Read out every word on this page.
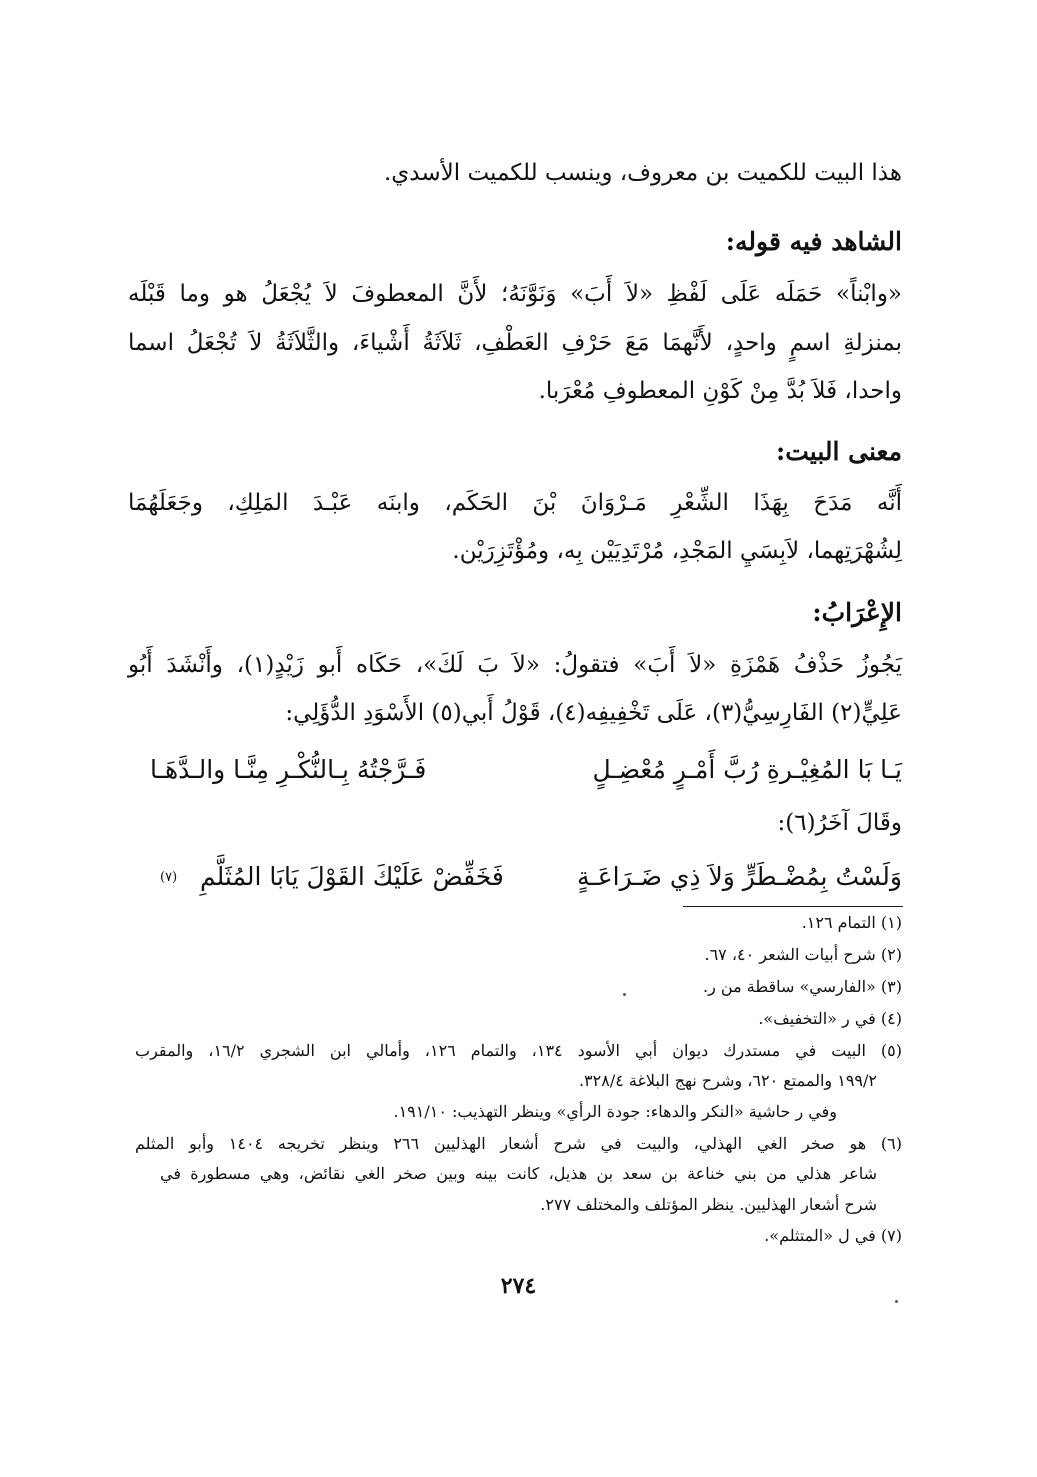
هذا البيت للكميت بن معروف، وينسب للكميت الأسدي.
الشاهد فيه قوله:
«وابْناً» حَمَلَه عَلَى لَفْظِ «لاَ أَبَ» وَنَوَّنَهُ؛ لأَنَّ المعطوفَ لاَ يُجْعَلُ هو وما قَبْلَه
بمنزلةِ اسمٍ واحدٍ، لأَنَّهمَا مَعَ حَرْفِ العَطْفِ، ثَلاَثَةُ أَشْياءَ، والثَّلاَثَةُ لاَ تُجْعَلُ اسما
واحدا، فَلاَ بُدَّ مِنْ كَوْنِ المعطوفِ مُعْرَبا.
معنى البيت:
أَنَّه مَدَحَ بِهَذَا الشِّعْرِ مَـرْوَانَ بْنَ الحَكَم، وابنَه عَبْـدَ المَلِكِ، وجَعَلَهُمَا
لِشُهْرَتِهما، لاَبِسَيِ المَجْدِ، مُرْتَدِيَيْن بِه، ومُؤْتَزِرَيْن.
الإِعْرَابُ:
يَجُوزُ حَذْفُ هَمْزَةِ «لاَ أَبَ» فتقولُ: «لاَ بَ لَكَ»، حَكَاه أَبو زَيْدٍ(١)، وأَنْشَدَ أَبُو
عَلِيٍّ(٢) الفَارِسِيُّ(٣)، عَلَى تَخْفِيفِه(٤)، قَوْلُ أَبي(٥) الأَسْوَدِ الدُّؤَلِي:
يَـا بَا المُغِيْـرةِ رُبَّ أَمْـرٍ مُعْضِـلٍ
فَـرَّجْتُهُ بِـالنُّكْـرِ مِنَّـا والـدَّهَـا
وقَالَ آخَرُ(٦):
وَلَسْتُ بِمُضْـطَرٍّ وَلاَ ذِي ضَـرَاعَـةٍ
فَخَفِّضْ عَلَيْكَ القَوْلَ يَابَا المُثَلَّمِ
(٧)
(١) التمام ١٢٦.
(٢) شرح أبيات الشعر ٤٠، ٦٧.
(٣) «الفارسي» ساقطة من ر.
(٤) في ر «التخفيف».
(٥) البيت في مستدرك ديوان أبي الأسود ١٣٤، والتمام ١٢٦، وأمالي ابن الشجري ١٦/٢، والمقرب
١٩٩/٢ والممتع ٦٢٠، وشرح نهج البلاغة ٣٢٨/٤.
وفي ر حاشية «النكر والدهاء: جودة الرأي» وينظر التهذيب: ١٩١/١٠.
(٦) هو صخر الغي الهذلي، والبيت في شرح أشعار الهذليين ٢٦٦ وينظر تخريجه ١٤٠٤ وأبو المثلم
شاعر هذلي من بني خناعة بن سعد بن هذيل، كانت بينه وبين صخر الغي نقائض، وهي مسطورة في
شرح أشعار الهذليين. ينظر المؤتلف والمختلف ٢٧٧.
(٧) في ل «المتثلم».
٢٧٤
